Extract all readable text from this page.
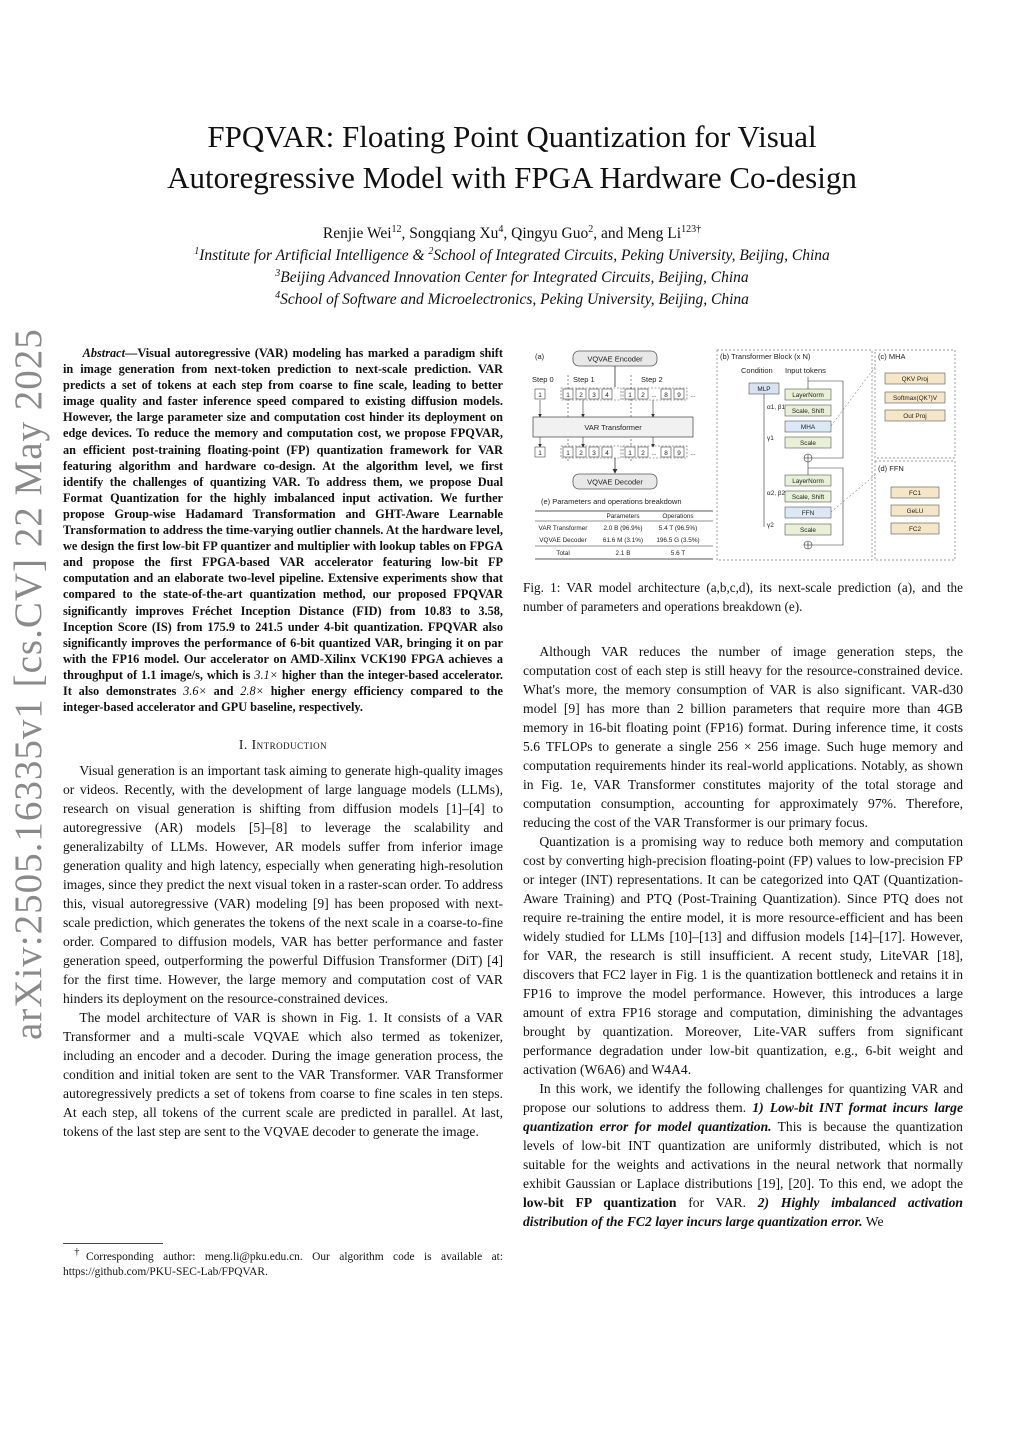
arXiv:2505.16335v1 [cs.CV] 22 May 2025
FPQVAR: Floating Point Quantization for Visual
Autoregressive Model with FPGA Hardware Co-design
Renjie Wei$^{12}$, Songqiang Xu$^4$, Qingyu Guo$^2$, and Meng $Li^{123\dagger}$
$^1$Institute for Artificial Intelligence & $^2$School of Integrated Circuits, Peking University, Beijing, China
$^3$Beijing Advanced Innovation Center for Integrated Circuits, Beijing, China
$^4$School of Software and Microelectronics, Peking University, Beijing, China

Abstract—Visual autoregressive (VAR) modeling has marked a paradigm shift in image generation from next-token prediction to next-scale prediction. VAR predicts a set of tokens at each step from coarse to fine scale, leading to better image quality and faster inference speed compared to existing diffusion models. However, the large parameter size and computation cost hinder its deployment on edge devices. To reduce the memory and computation cost, we propose FPQVAR, an efficient post-training floating-point (FP) quantization framework for VAR featuring algorithm and hardware co-design. At the algorithm level, we first identify the challenges of quantizing VAR. To address them, we propose Dual Format Quantization for the highly imbalanced input activation. We further propose Group-wise Hadamard Transformation and GHT-Aware Learnable Transformation to address the time-varying outlier channels. At the hardware level, we design the first low-bit FP quantizer and multiplier with lookup tables on FPGA and propose the first FPGA-based VAR accelerator featuring low-bit FP computation and an elaborate two-level pipeline. Extensive experiments show that compared to the state-of-the-art quantization method, our proposed FPQVAR significantly improves Fréchet Inception Distance (FID) from 10.83 to 3.58, Inception Score (IS) from 175.9 to 241.5 under 4-bit quantization. FPQVAR also significantly improves the performance of 6-bit quantized VAR, bringing it on par with the FP16 model. Our accelerator on AMD-Xilinx VCK190 FPGA achieves a throughput of 1.1 image/s, which is 3.1× higher than the integer-based accelerator. It also demonstrates 3.6× and 2.8× higher energy efficiency compared to the integer-based accelerator and GPU baseline, respectively.

I. Introduction

Visual generation is an important task aiming to generate high-quality images or videos. Recently, with the development of large language models (LLMs), research on visual generation is shifting from diffusion models [1]–[4] to autoregressive (AR) models [5]–[8] to leverage the scalability and generalizabilty of LLMs. However, AR models suffer from inferior image generation quality and high latency, especially when generating high-resolution images, since they predict the next visual token in a raster-scan order. To address this, visual autoregressive (VAR) modeling [9] has been proposed with next-scale prediction, which generates the tokens of the next scale in a coarse-to-fine order. Compared to diffusion models, VAR has better performance and faster generation speed, outperforming the powerful Diffusion Transformer (DiT) [4] for the first time. However, the large memory and computation cost of VAR hinders its deployment on the resource-constrained devices.

The model architecture of VAR is shown in Fig. 1. It consists of a VAR Transformer and a multi-scale VQVAE which also termed as tokenizer, including an encoder and a decoder. During the image generation process, the condition and initial token are sent to the VAR Transformer. VAR Transformer autoregressively predicts a set of tokens from coarse to fine scales in ten steps. At each step, all tokens of the current scale are predicted in parallel. At last, tokens of the last step are sent to the VQVAE decoder to generate the image.

†Corresponding author: meng.li@pku.edu.cn. Our algorithm code is available at: https://github.com/PKU-SEC-Lab/FPQVAR.
(a)	VQVAE Encoder
Step 0	Step 1	Step 2
1	1 2 3 4	1 2 ... 8 9 ...
VAR Transformer
1	1 2 3 4	1 2 ... 8 9 ...
VQVAE Decoder
(e) Parameters and operations breakdown
Parameters	Operations
VAR Transformer	2.0 B (96.9%)	5.4 T (96.5%)
VQVAE Decoder	61.6 M (3.1%) 196.5 G (3.5%)
Total	2.1 B	5.6 T
(b) Transformer Block (x N)
Condition Input tokens
MLP
LayerNorm
α1, β1
Scale, Shift
MHA
γ1
Scale
LayerNorm
α2, β2
Scale, Shift
FFN
γ2
Scale
(c) MHA
QKV Proj
Softmax(QKᵀ)V
Out Proj
(d) FFN
FC1
GeLU
FC2
Fig. 1: VAR model architecture (a,b,c,d), its next-scale prediction (a), and the number of parameters and operations breakdown (e).

Although VAR reduces the number of image generation steps, the computation cost of each step is still heavy for the resource-constrained device. What's more, the memory consumption of VAR is also significant. VAR-d30 model [9] has more than 2 billion parameters that require more than 4GB memory in 16-bit floating point (FP16) format. During inference time, it costs 5.6 TFLOPs to generate a single 256 × 256 image. Such huge memory and computation requirements hinder its real-world applications. Notably, as shown in Fig. 1e, VAR Transformer constitutes majority of the total storage and computation consumption, accounting for approximately 97%. Therefore, reducing the cost of the VAR Transformer is our primary focus.

Quantization is a promising way to reduce both memory and computation cost by converting high-precision floating-point (FP) values to low-precision FP or integer (INT) representations. It can be categorized into QAT (Quantization-Aware Training) and PTQ (Post-Training Quantization). Since PTQ does not require re-training the entire model, it is more resource-efficient and has been widely studied for LLMs [10]–[13] and diffusion models [14]–[17]. However, for VAR, the research is still insufficient. A recent study, LiteVAR [18], discovers that FC2 layer in Fig. 1 is the quantization bottleneck and retains it in FP16 to improve the model performance. However, this introduces a large amount of extra FP16 storage and computation, diminishing the advantages brought by quantization. Moreover, Lite-VAR suffers from significant performance degradation under low-bit quantization, e.g., 6-bit weight and activation (W6A6) and W4A4.

In this work, we identify the following challenges for quantizing VAR and propose our solutions to address them. 1) Low-bit INT format incurs large quantization error for model quantization. This is because the quantization levels of low-bit INT quantization are uniformly distributed, which is not suitable for the weights and activations in the neural network that normally exhibit Gaussian or Laplace distributions [19], [20]. To this end, we adopt the low-bit FP quantization for VAR. 2) Highly imbalanced activation distribution of the FC2 layer incurs large quantization error. We
